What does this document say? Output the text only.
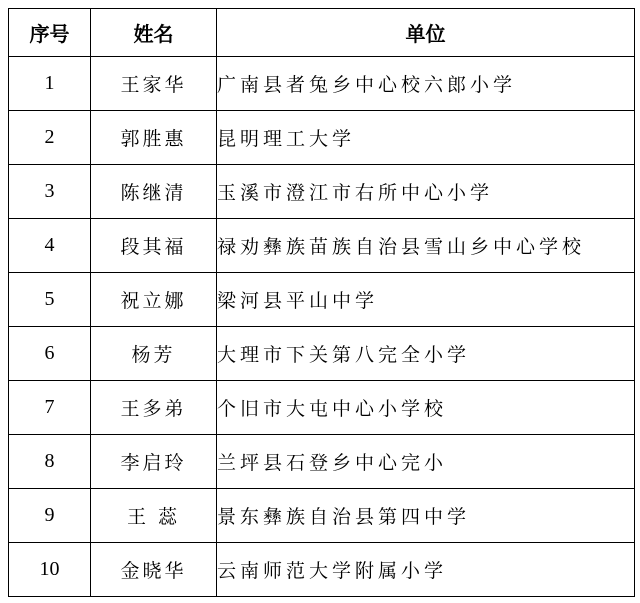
序号	姓名	单位
1	王家华	广南县者兔乡中心校六郎小学
2	郭胜惠	昆明理工大学
3	陈继清	玉溪市澄江市右所中心小学
4	段其福	禄劝彝族苗族自治县雪山乡中心学校
5	祝立娜	梁河县平山中学
6	杨芳	大理市下关第八完全小学
7	王多弟	个旧市大屯中心小学校
8	李启玲	兰坪县石登乡中心完小
9	王 蕊	景东彝族自治县第四中学
10	金晓华	云南师范大学附属小学
